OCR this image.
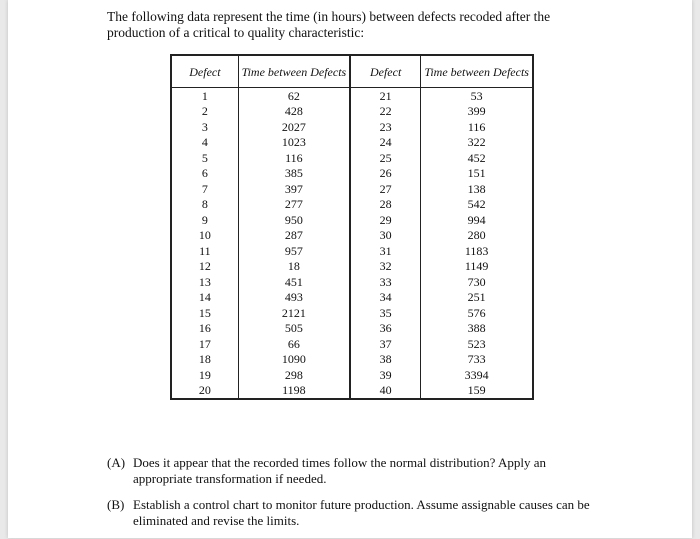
The following data represent the time (in hours) between defects recoded after the production of a critical to quality characteristic:
Defect	Time between Defects	Defect	Time between Defects
1	62	21	53
2	428	22	399
3	2027	23	116
4	1023	24	322
5	116	25	452
6	385	26	151
7	397	27	138
8	277	28	542
9	950	29	994
10	287	30	280
11	957	31	1183
12	18	32	1149
13	451	33	730
14	493	34	251
15	2121	35	576
16	505	36	388
17	66	37	523
18	1090	38	733
19	298	39	3394
20	1198	40	159
(A) Does it appear that the recorded times follow the normal distribution? Apply an appropriate transformation if needed.
(B) Establish a control chart to monitor future production. Assume assignable causes can be eliminated and revise the limits.
